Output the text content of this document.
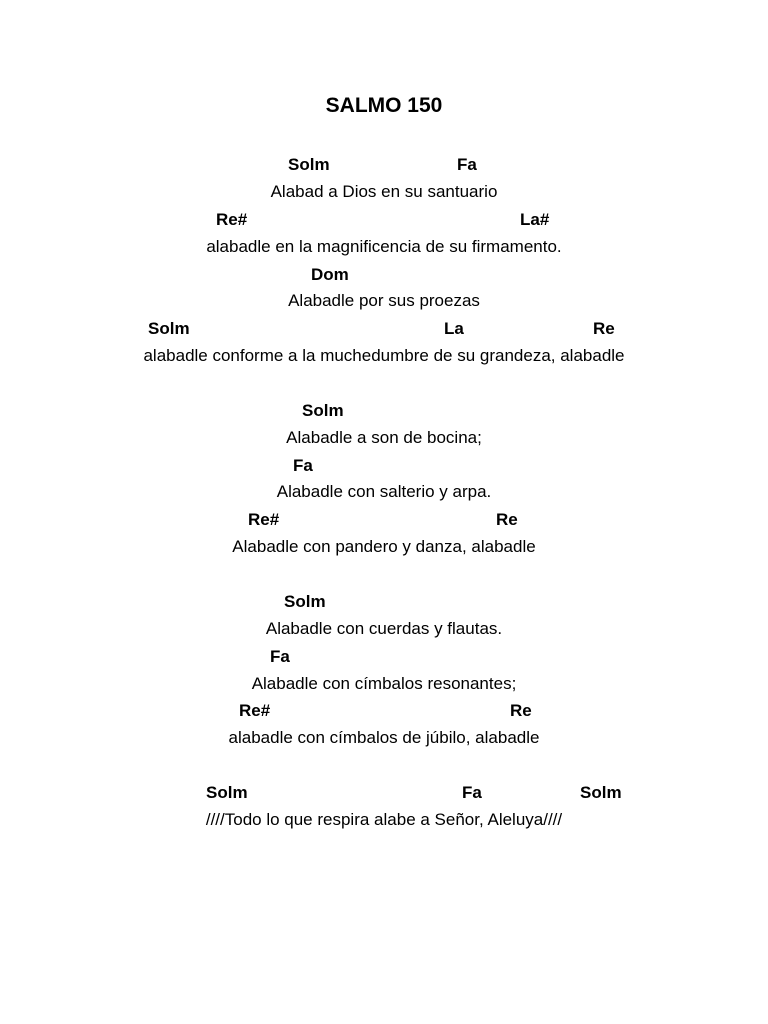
SALMO 150
Solm	Fa
Alabad a Dios en su santuario
Re#	La#
alabadle en la magnificencia de su firmamento.
Dom
Alabadle por sus proezas
Solm	La	Re
alabadle conforme a la muchedumbre de su grandeza, alabadle
Solm
Alabadle a son de bocina;
Fa
Alabadle con salterio y arpa.
Re#	Re
Alabadle con pandero y danza, alabadle
Solm
Alabadle con cuerdas y flautas.
Fa
Alabadle con címbalos resonantes;
Re#	Re
alabadle con címbalos de júbilo, alabadle
Solm	Fa	Solm
////Todo lo que respira alabe a Señor, Aleluya////
